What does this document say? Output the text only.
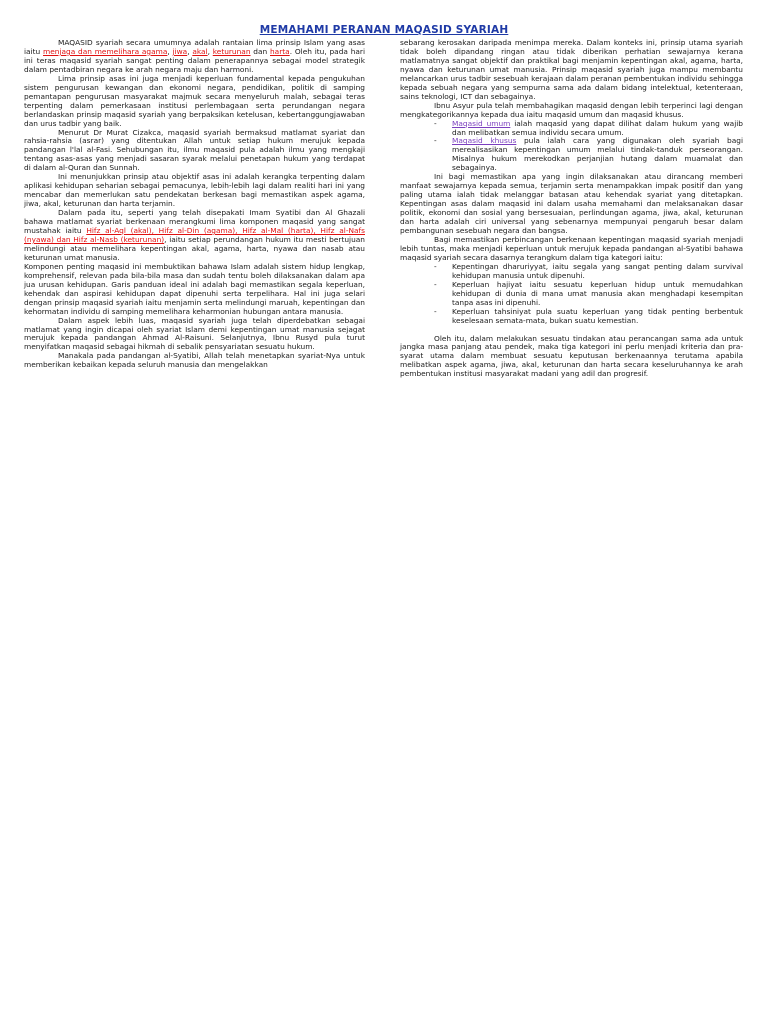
MEMAHAMI PERANAN MAQASID SYARIAH

MAQASID syariah secara umumnya adalah rantaian lima prinsip Islam yang asas iaitu menjaga dan memelihara agama, jiwa, akal, keturunan dan harta. Oleh itu, pada hari ini teras maqasid syariah sangat penting dalam penerapannya sebagai model strategik dalam pentadbiran negara ke arah negara maju dan harmoni.

Lima prinsip asas ini juga menjadi keperluan fundamental kepada pengukuhan sistem pengurusan kewangan dan ekonomi negara, pendidikan, politik di samping pemantapan pengurusan masyarakat majmuk secara menyeluruh malah, sebagai teras terpenting dalam pemerkasaan institusi perlembagaan serta perundangan negara berlandaskan prinsip maqasid syariah yang berpaksikan ketelusan, kebertanggungjawaban dan urus tadbir yang baik.

Menurut Dr Murat Cizakca, maqasid syariah bermaksud matlamat syariat dan rahsia-rahsia (asrar) yang ditentukan Allah untuk setiap hukum merujuk kepada pandangan l'lal al-Fasi. Sehubungan itu, ilmu maqasid pula adalah ilmu yang mengkaji tentang asas-asas yang menjadi sasaran syarak melalui penetapan hukum yang terdapat di dalam al-Quran dan Sunnah.

Ini menunjukkan prinsip atau objektif asas ini adalah kerangka terpenting dalam aplikasi kehidupan seharian sebagai pemacunya, lebih-lebih lagi dalam realiti hari ini yang mencabar dan memerlukan satu pendekatan berkesan bagi memastikan aspek agama, jiwa, akal, keturunan dan harta terjamin.

Dalam pada itu, seperti yang telah disepakati Imam Syatibi dan Al Ghazali bahawa matlamat syariat berkenaan merangkumi lima komponen maqasid yang sangat mustahak iaitu Hifz al-Aql (akal), Hifz al-Din (agama), Hifz al-Mal (harta), Hifz al-Nafs (nyawa) dan Hifz al-Nasb (keturunan), iaitu setiap perundangan hukum itu mesti bertujuan melindungi atau memelihara kepentingan akal, agama, harta, nyawa dan nasab atau keturunan umat manusia.

Komponen penting maqasid ini membuktikan bahawa Islam adalah sistem hidup lengkap, komprehensif, relevan pada bila-bila masa dan sudah tentu boleh dilaksanakan dalam apa jua urusan kehidupan. Garis panduan ideal ini adalah bagi memastikan segala keperluan, kehendak dan aspirasi kehidupan dapat dipenuhi serta terpelihara. Hal ini juga selari dengan prinsip maqasid syariah iaitu menjamin serta melindungi maruah, kepentingan dan kehormatan individu di samping memelihara keharmonian hubungan antara manusia.

Dalam aspek lebih luas, maqasid syariah juga telah diperdebatkan sebagai matlamat yang ingin dicapai oleh syariat Islam demi kepentingan umat manusia sejagat merujuk kepada pandangan Ahmad Al-Raisuni. Selanjutnya, Ibnu Rusyd pula turut menyifatkan maqasid sebagai hikmah di sebalik pensyariatan sesuatu hukum.

Manakala pada pandangan al-Syatibi, Allah telah menetapkan syariat-Nya untuk memberikan kebaikan kepada seluruh manusia dan mengelakkan

sebarang kerosakan daripada menimpa mereka. Dalam konteks ini, prinsip utama syariah tidak boleh dipandang ringan atau tidak diberikan perhatian sewajarnya kerana matlamatnya sangat objektif dan praktikal bagi menjamin kepentingan akal, agama, harta, nyawa dan keturunan umat manusia. Prinsip maqasid syariah juga mampu membantu melancarkan urus tadbir sesebuah kerajaan dalam peranan pembentukan individu sehingga kepada sebuah negara yang sempurna sama ada dalam bidang intelektual, ketenteraan, sains teknologi, ICT dan sebagainya.

Ibnu Asyur pula telah membahagikan maqasid dengan lebih terperinci lagi dengan mengkategorikannya kepada dua iaitu maqasid umum dan maqasid khusus.

- Maqasid umum ialah maqasid yang dapat dilihat dalam hukum yang wajib dan melibatkan semua individu secara umum.
- Maqasid khusus pula ialah cara yang digunakan oleh syariah bagi merealisasikan kepentingan umum melalui tindak-tanduk perseorangan. Misalnya hukum merekodkan perjanjian hutang dalam muamalat dan sebagainya.

Ini bagi memastikan apa yang ingin dilaksanakan atau dirancang memberi manfaat sewajarnya kepada semua, terjamin serta menampakkan impak positif dan yang paling utama ialah tidak melanggar batasan atau kehendak syariat yang ditetapkan. Kepentingan asas dalam maqasid ini dalam usaha memahami dan melaksanakan dasar politik, ekonomi dan sosial yang bersesuaian, perlindungan agama, jiwa, akal, keturunan dan harta adalah ciri universal yang sebenarnya mempunyai pengaruh besar dalam pembangunan sesebuah negara dan bangsa.

Bagi memastikan perbincangan berkenaan kepentingan maqasid syariah menjadi lebih tuntas, maka menjadi keperluan untuk merujuk kepada pandangan al-Syatibi bahawa maqasid syariah secara dasarnya terangkum dalam tiga kategori iaitu:

- Kepentingan dharuriyyat, iaitu segala yang sangat penting dalam survival kehidupan manusia untuk dipenuhi.
- Keperluan hajiyat iaitu sesuatu keperluan hidup untuk memudahkan kehidupan di dunia di mana umat manusia akan menghadapi kesempitan tanpa asas ini dipenuhi.
- Keperluan tahsiniyat pula suatu keperluan yang tidak penting berbentuk keselesaan semata-mata, bukan suatu kemestian.

Oleh itu, dalam melakukan sesuatu tindakan atau perancangan sama ada untuk jangka masa panjang atau pendek, maka tiga kategori ini perlu menjadi kriteria dan pra-syarat utama dalam membuat sesuatu keputusan berkenaannya terutama apabila melibatkan aspek agama, jiwa, akal, keturunan dan harta secara keseluruhannya ke arah pembentukan institusi masyarakat madani yang adil dan progresif.
